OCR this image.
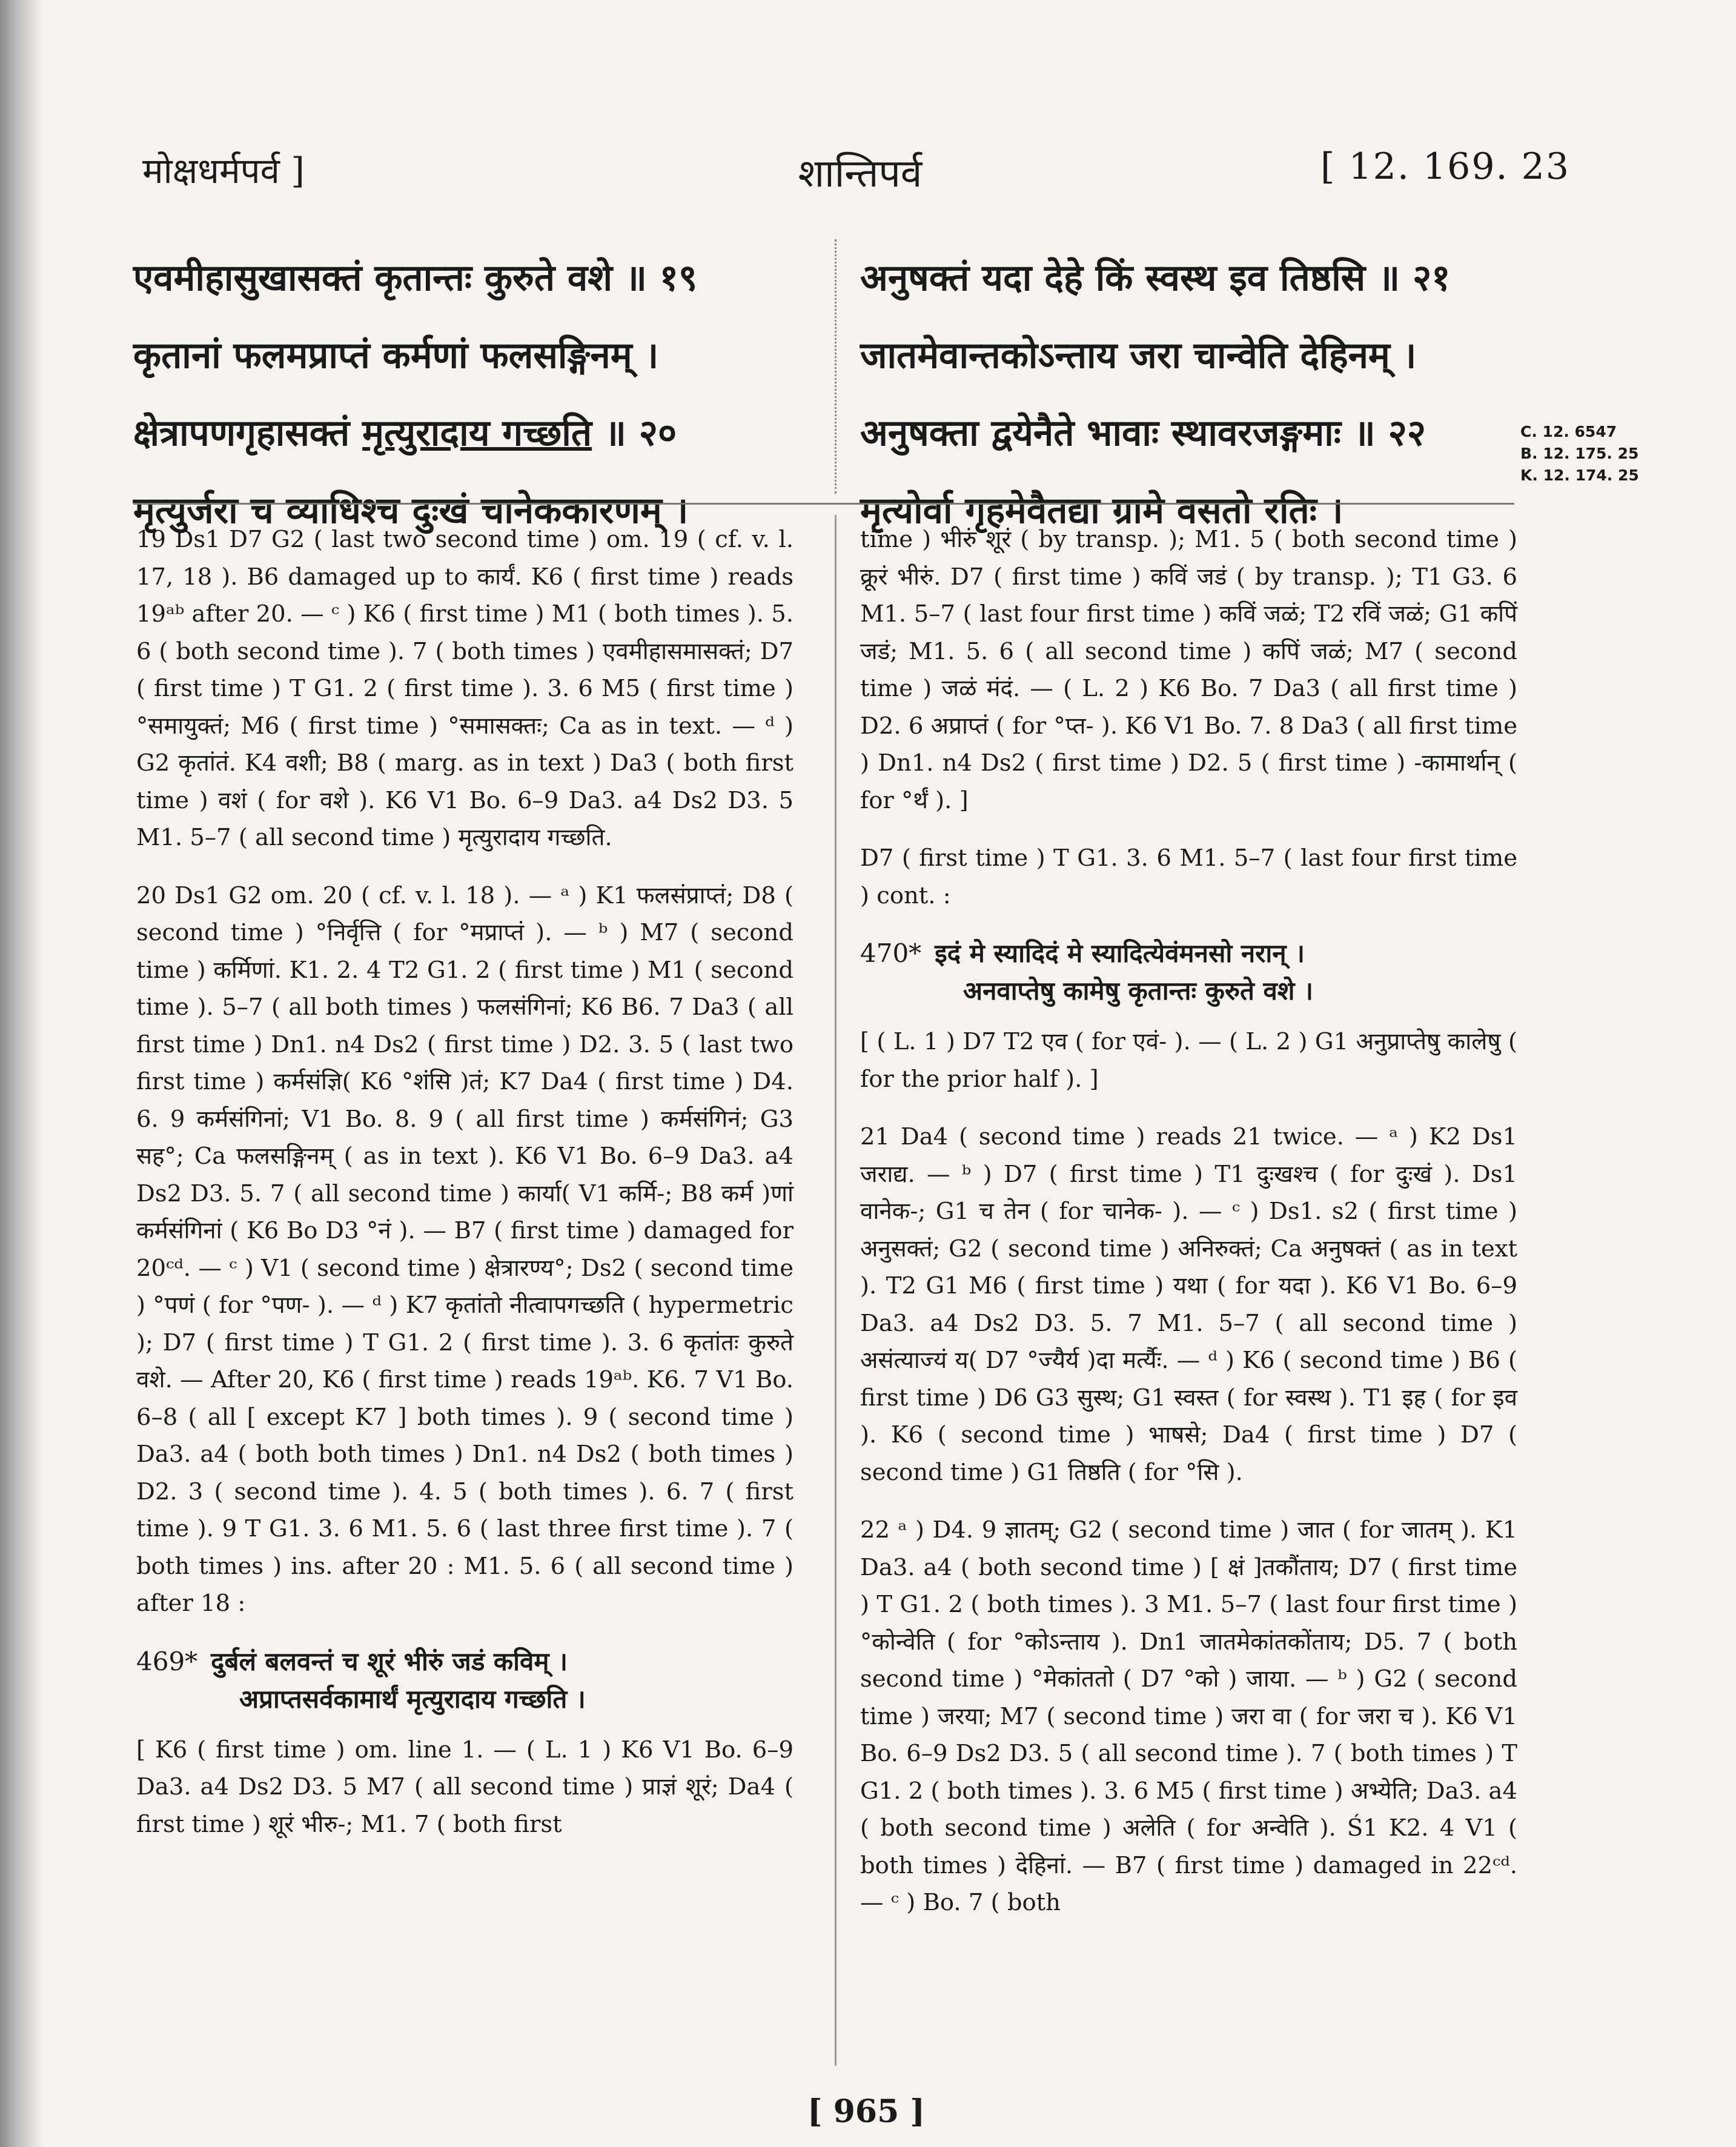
मोक्षधर्मपर्व ]	शान्तिपर्व	[ 12. 169. 23
एवमीहासुखासक्तं कृतान्तः कुरुते वशे ॥ १९
कृतानां फलमप्राप्तं कर्मणां फलसङ्गिनम् ।
क्षेत्रापणगृहासक्तं मृत्युरादाय गच्छति ॥ २०
मृत्युर्जरा च व्याधिश्च दुःखं चानेककारणम् ।
अनुषक्तं यदा देहे किं स्वस्थ इव तिष्ठसि ॥ २१
जातमेवान्तकोऽन्ताय जरा चान्वेति देहिनम् ।
अनुषक्ता द्वयेनैते भावाः स्थावरजङ्गमाः ॥ २२
मृत्योर्वा गृहमेवैतद्या ग्रामे वसतो रतिः ।
C. 12. 6547
B. 12. 175. 25
K. 12. 174. 25

19 Ds1 D7 G2 ( last two second time ) om. 19 ( cf. v. l. 17, 18 ). B6 damaged up to कार्यं. K6 ( first time ) reads 19ᵃᵇ after 20. — ᶜ ) K6 ( first time ) M1 ( both times ). 5. 6 ( both second time ). 7 ( both times ) एवमीहासमासक्तं; D7 ( first time ) T G1. 2 ( first time ). 3. 6 M5 ( first time ) °समायुक्तं; M6 ( first time ) °समासक्तः; Ca as in text. — ᵈ ) G2 कृतांतं. K4 वशी; B8 ( marg. as in text ) Da3 ( both first time ) वशं ( for वशे ). K6 V1 Bo. 6–9 Da3. a4 Ds2 D3. 5 M1. 5–7 ( all second time ) मृत्युरादाय गच्छति.

20 Ds1 G2 om. 20 ( cf. v. l. 18 ). — ᵃ ) K1 फलसंप्राप्तं; D8 ( second time ) °निर्वृत्ति ( for °मप्राप्तं ). — ᵇ ) M7 ( second time ) कर्मिणां. K1. 2. 4 T2 G1. 2 ( first time ) M1 ( second time ). 5–7 ( all both times ) फलसंगिनां; K6 B6. 7 Da3 ( all first time ) Dn1. n4 Ds2 ( first time ) D2. 3. 5 ( last two first time ) कर्मसंज्ञि( K6 °शंसि )तं; K7 Da4 ( first time ) D4. 6. 9 कर्मसंगिनां; V1 Bo. 8. 9 ( all first time ) कर्मसंगिनं; G3 सह°; Ca फलसङ्गिनम् ( as in text ). K6 V1 Bo. 6–9 Da3. a4 Ds2 D3. 5. 7 ( all second time ) कार्या( V1 कर्मि-; B8 कर्म )णां कर्मसंगिनां ( K6 Bo D3 °नं ). — B7 ( first time ) damaged for 20ᶜᵈ. — ᶜ ) V1 ( second time ) क्षेत्रारण्य°; Ds2 ( second time ) °पणं ( for °पण- ). — ᵈ ) K7 कृतांतो नीत्वापगच्छति ( hypermetric ); D7 ( first time ) T G1. 2 ( first time ). 3. 6 कृतांतः कुरुते वशे. — After 20, K6 ( first time ) reads 19ᵃᵇ. K6. 7 V1 Bo. 6–8 ( all [ except K7 ] both times ). 9 ( second time ) Da3. a4 ( both both times ) Dn1. n4 Ds2 ( both times ) D2. 3 ( second time ). 4. 5 ( both times ). 6. 7 ( first time ). 9 T G1. 3. 6 M1. 5. 6 ( last three first time ). 7 ( both times ) ins. after 20 : M1. 5. 6 ( all second time ) after 18 :

469* दुर्बलं बलवन्तं च शूरं भीरुं जडं कविम् ।
अप्राप्तसर्वकामार्थं मृत्युरादाय गच्छति ।

[ K6 ( first time ) om. line 1. — ( L. 1 ) K6 V1 Bo. 6–9 Da3. a4 Ds2 D3. 5 M7 ( all second time ) प्राज्ञं शूरं; Da4 ( first time ) शूरं भीरु-; M1. 7 ( both first

time ) भीरुं शूरं ( by transp. ); M1. 5 ( both second time ) क्रूरं भीरुं. D7 ( first time ) कविं जडं ( by transp. ); T1 G3. 6 M1. 5–7 ( last four first time ) कविं जळं; T2 रविं जळं; G1 कपिं जडं; M1. 5. 6 ( all second time ) कपिं जळं; M7 ( second time ) जळं मंदं. — ( L. 2 ) K6 Bo. 7 Da3 ( all first time ) D2. 6 अप्राप्तं ( for °प्त- ). K6 V1 Bo. 7. 8 Da3 ( all first time ) Dn1. n4 Ds2 ( first time ) D2. 5 ( first time ) -कामार्थान् ( for °र्थं ). ]

D7 ( first time ) T G1. 3. 6 M1. 5–7 ( last four first time ) cont. :

470* इदं मे स्यादिदं मे स्यादित्येवंमनसो नरान् ।
अनवाप्तेषु कामेषु कृतान्तः कुरुते वशे ।

[ ( L. 1 ) D7 T2 एव ( for एवं- ). — ( L. 2 ) G1 अनुप्राप्तेषु कालेषु ( for the prior half ). ]

21 Da4 ( second time ) reads 21 twice. — ᵃ ) K2 Ds1 जराद्य. — ᵇ ) D7 ( first time ) T1 दुःखश्च ( for दुःखं ). Ds1 वानेक-; G1 च तेन ( for चानेक- ). — ᶜ ) Ds1. s2 ( first time ) अनुसक्तं; G2 ( second time ) अनिरुक्तं; Ca अनुषक्तं ( as in text ). T2 G1 M6 ( first time ) यथा ( for यदा ). K6 V1 Bo. 6–9 Da3. a4 Ds2 D3. 5. 7 M1. 5–7 ( all second time ) असंत्याज्यं य( D7 °ज्यैर्य )दा मर्त्यैः. — ᵈ ) K6 ( second time ) B6 ( first time ) D6 G3 सुस्थ; G1 स्वस्त ( for स्वस्थ ). T1 इह ( for इव ). K6 ( second time ) भाषसे; Da4 ( first time ) D7 ( second time ) G1 तिष्ठति ( for °सि ).

22 ᵃ ) D4. 9 ज्ञातम्; G2 ( second time ) जात ( for जातम् ). K1 Da3. a4 ( both second time ) [ क्षं ]तकौंताय; D7 ( first time ) T G1. 2 ( both times ). 3 M1. 5–7 ( last four first time ) °कोन्वेति ( for °कोऽन्ताय ). Dn1 जातमेकांतकोंताय; D5. 7 ( both second time ) °मेकांततो ( D7 °को ) जाया. — ᵇ ) G2 ( second time ) जरया; M7 ( second time ) जरा वा ( for जरा च ). K6 V1 Bo. 6–9 Ds2 D3. 5 ( all second time ). 7 ( both times ) T G1. 2 ( both times ). 3. 6 M5 ( first time ) अभ्येति; Da3. a4 ( both second time ) अलेति ( for अन्वेति ). Ś1 K2. 4 V1 ( both times ) देहिनां. — B7 ( first time ) damaged in 22ᶜᵈ. — ᶜ ) Bo. 7 ( both

[ 965 ]
